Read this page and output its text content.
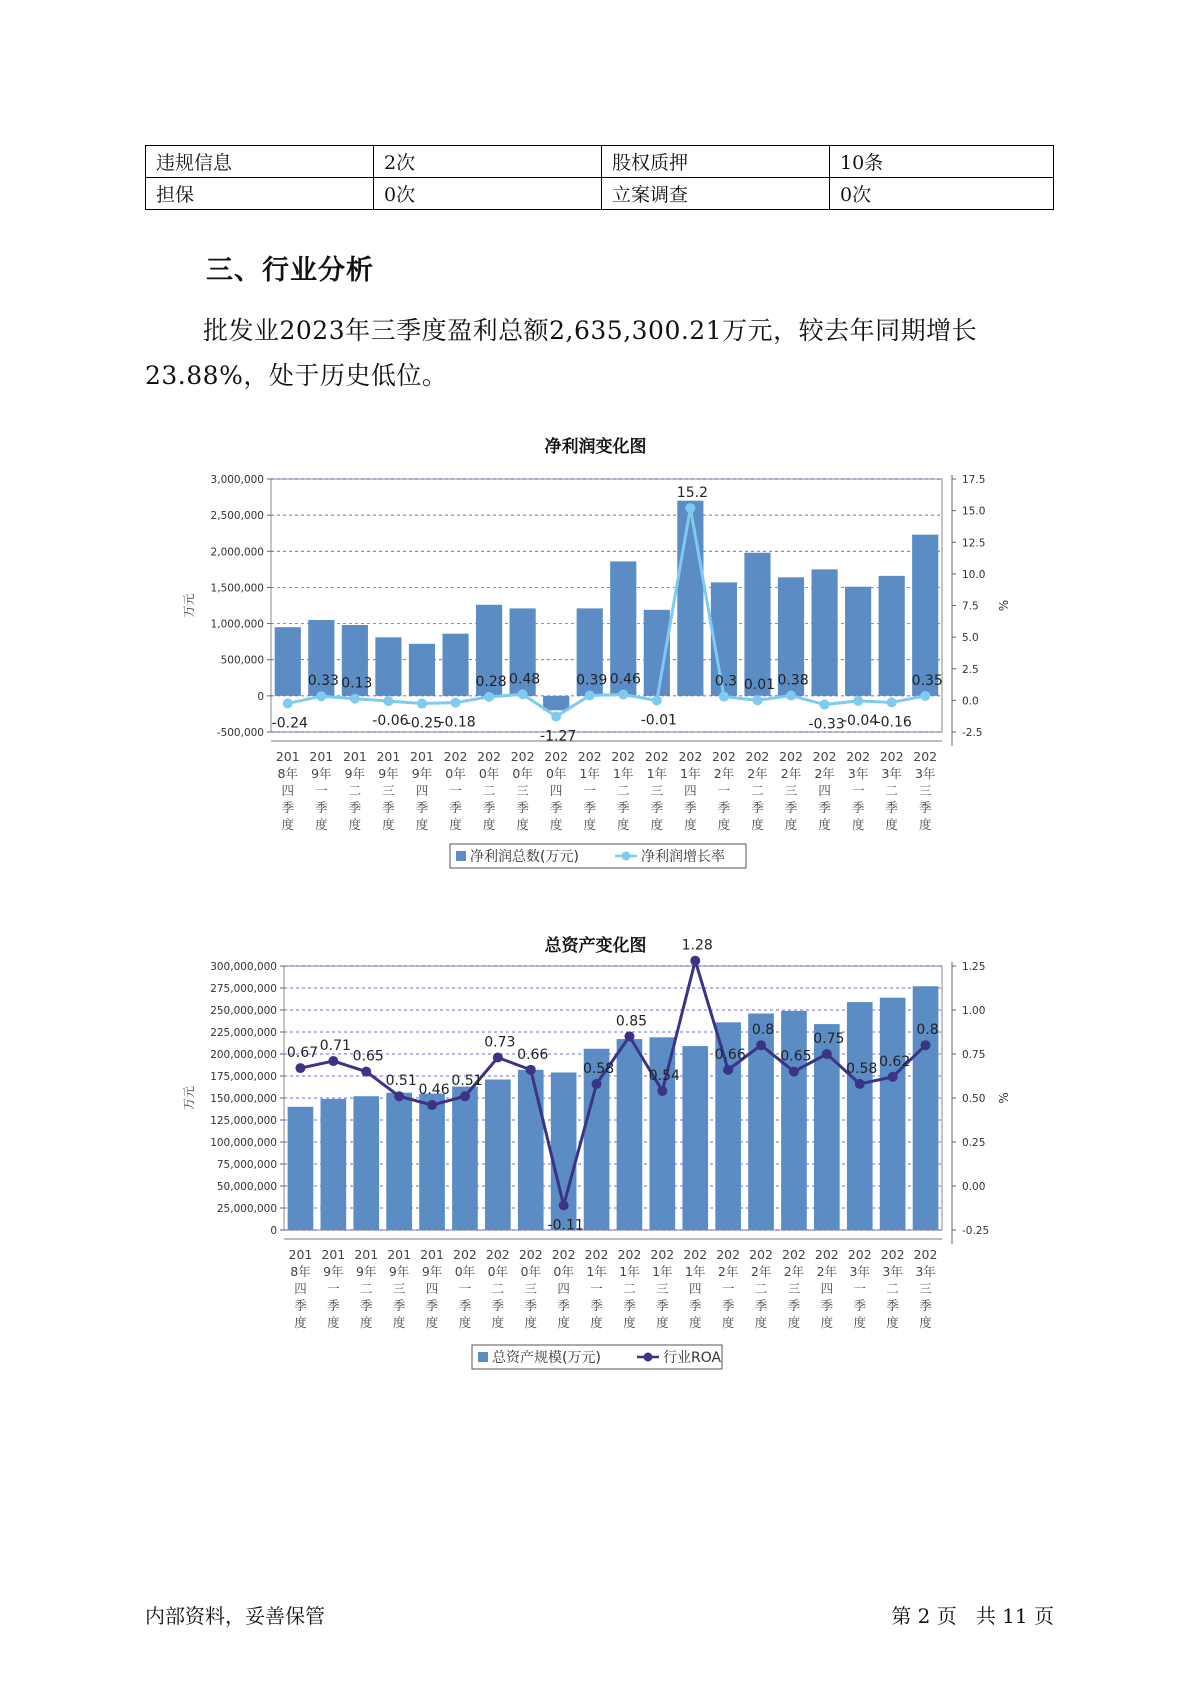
违规信息	2次	股权质押	10条
担保	0次	立案调查	0次
三、行业分析

批发业2023年三季度盈利总额2,635,300.21万元，较去年同期增长23.88%，处于历史低位。

净利润变化图
3,000,000
2,500,000
2,000,000
1,500,000
1,000,000
500,000
0
-500,000
17.5
15.0
12.5
10.0
7.5
5.0
2.5
0.0
-2.5
万元	%
-0.24
0.33 0.13
-0.06
-0.25
-0.18
0.28 0.48
-1.27
0.39 0.46
-0.01
15.2
0.3 0.01 0.38
-0.33
-0.04
-0.16
0.35
201 8年四季度
201 9年一季度
201 9年二季度
201 9年三季度
201 9年四季度
202 0年一季度
202 0年二季度
202 0年三季度
202 0年四季度
202 1年一季度
202 1年二季度
202 1年三季度
202 1年四季度
202 2年一季度
202 2年二季度
202 2年三季度
202 2年四季度
202 3年一季度
202 3年二季度
202 3年三季度
净利润总数(万元)	净利润增长率
总资产变化图
300,000,000
275,000,000
250,000,000
225,000,000
200,000,000
175,000,000
150,000,000
125,000,000
100,000,000
75,000,000
50,000,000
25,000,000
0
1.25
1.00
0.75
0.50
0.25
0.00
-0.25
万元	%
0.67 0.71
0.65
0.51
0.46
0.51
0.73
0.66
-0.11
0.58
0.85
0.54
1.28
0.66
0.8
0.65
0.75
0.58 0.62
0.8
201 8年四季度
201 9年一季度
201 9年二季度
201 9年三季度
201 9年四季度
202 0年一季度
202 0年二季度
202 0年三季度
202 0年四季度
202 1年一季度
202 1年二季度
202 1年三季度
202 1年四季度
202 2年一季度
202 2年二季度
202 2年三季度
202 2年四季度
202 3年一季度
202 3年二季度
202 3年三季度
总资产规模(万元)	行业ROA
内部资料，妥善保管	第 2 页   共 11 页
